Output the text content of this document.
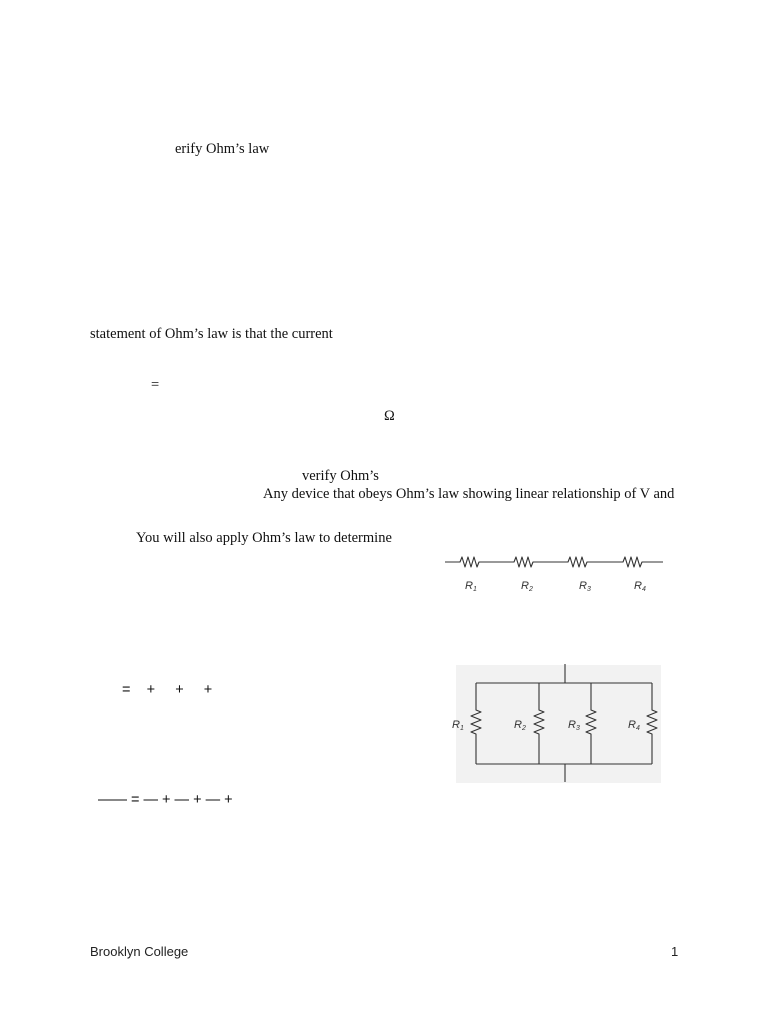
erify Ohm’s law
statement of Ohm’s law is that the current
=
Ω
verify Ohm’s
Any device that obeys Ohm’s law showing linear relationship of V and
You will also apply Ohm’s law to determine
=    +     +     +
—— = — + — + — +
R1	R2	R3	R4
R1	R2	R3	R4
Brooklyn College	1
